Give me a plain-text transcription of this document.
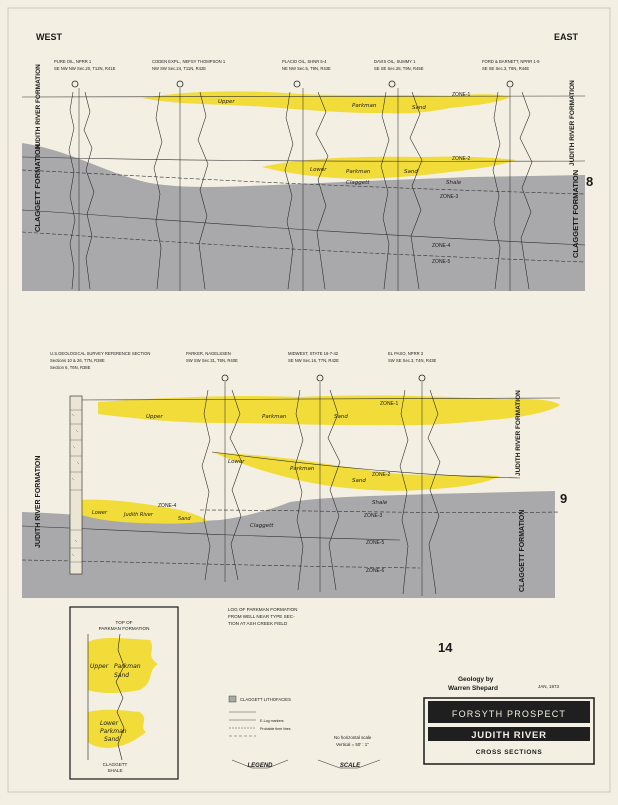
WEST	EAST
PURE OIL, NPRR 1
SE NW NW Sec.20, T12N, R41E
CODEN EXPL., NEFSY THOMPSON 1
NW SW Sec.24, T11N, R42E
PLACID OIL, SHNR 5-4
NE NW Sec.5, T9N, R43E
DAVIS OIL, SUMMY 1
SE SE Sec.28, T9N, R45E
FORD & BARNETT, NPRR 1-9
SE SE Sec.3, T8N, R44E
CLAGGETT FORMATION
JUDITH RIVER FORMATION
CLAGGETT FORMATION
JUDITH RIVER FORMATION
Upper
Parkman	Sand
Lower	Parkman	Sand
Claggett	Shale
ZONE-1
ZONE-2
ZONE-3
ZONE-4
ZONE-5
8
U.S.GEOLOGICAL SURVEY REFERENCE SECTION
Sections 10 & 26, T7N, R38E
Section 6, T6N, R38E
PARKER, NAGELSSEN
SW SW Sec.31, T6N, R40E
MIDWEST, STATE 16-7-42
SE NW Sec.16, T7N, R42E
EL PASO, NPRR 3
SW SE Sec.3, T4N, R43E
JUDITH RIVER FORMATION
JUDITH RIVER FORMATION
CLAGGETT FORMATION
Upper	Parkman	Sand
Lower
Parkman
Sand
Lower	Judith River
Sand
Claggett
Shale
ZONE-1
ZONE-2
ZONE-3
ZONE-4
ZONE-5
ZONE-6
9
TOP OF
PARKMAN FORMATION
Upper Parkman
Sand
Lower
Parkman
Sand
CLAGGETT
SHALE
LOG OF PARKMAN FORMATION
FROM WELL NEAR TYPE SEC-
TION AT ASH CREEK FIELD
14
Geology by
Warren Shepard	JAN, 1973
CLAGGETT LITHOFACIES
E-Log markers
Probable time lines
LEGEND
No horizontal scale
Vertical = 50' : 1"
SCALE
FORSYTH PROSPECT
JUDITH RIVER
CROSS SECTIONS
